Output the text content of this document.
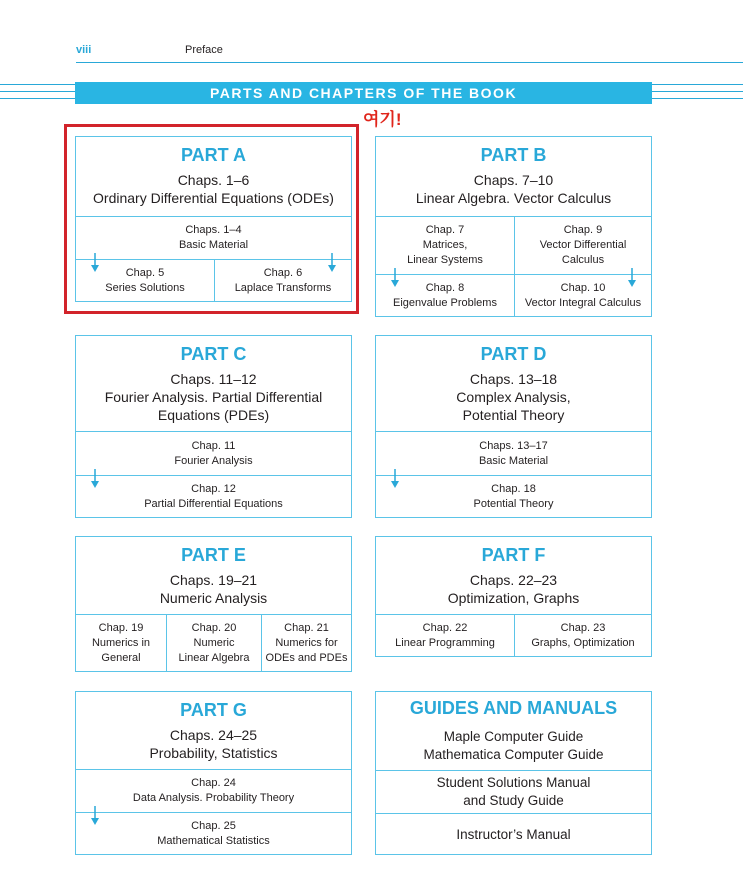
viii	Preface
PARTS AND CHAPTERS OF THE BOOK
여기!
PART A
Chaps. 1–6
Ordinary Differential Equations (ODEs)
Chaps. 1–4
Basic Material
Chap. 5
Series Solutions
Chap. 6
Laplace Transforms
PART B
Chaps. 7–10
Linear Algebra. Vector Calculus
Chap. 7
Matrices,
Linear Systems
Chap. 9
Vector Differential
Calculus
Chap. 8
Eigenvalue Problems
Chap. 10
Vector Integral Calculus
PART C
Chaps. 11–12
Fourier Analysis. Partial Differential
Equations (PDEs)
Chap. 11
Fourier Analysis
Chap. 12
Partial Differential Equations
PART D
Chaps. 13–18
Complex Analysis,
Potential Theory
Chaps. 13–17
Basic Material
Chap. 18
Potential Theory
PART E
Chaps. 19–21
Numeric Analysis
Chap. 19
Numerics in
General
Chap. 20
Numeric
Linear Algebra
Chap. 21
Numerics for
ODEs and PDEs
PART F
Chaps. 22–23
Optimization, Graphs
Chap. 22
Linear Programming
Chap. 23
Graphs, Optimization
PART G
Chaps. 24–25
Probability, Statistics
Chap. 24
Data Analysis. Probability Theory
Chap. 25
Mathematical Statistics
GUIDES AND MANUALS
Maple Computer Guide
Mathematica Computer Guide
Student Solutions Manual
and Study Guide
Instructor’s Manual
